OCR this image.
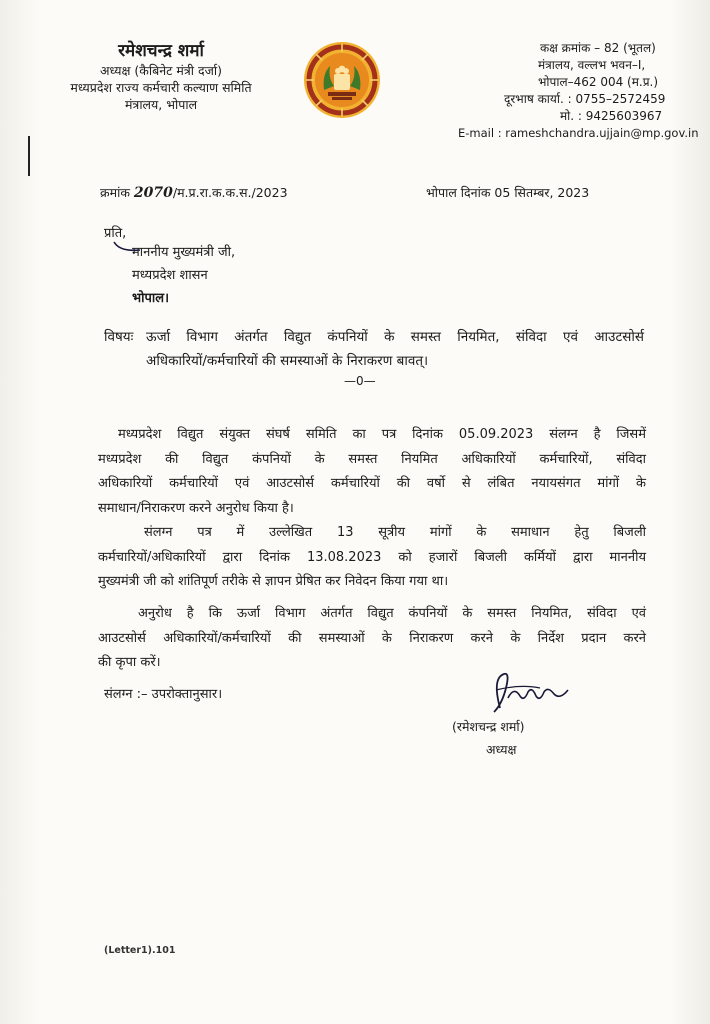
रमेशचन्द्र शर्मा
अध्यक्ष (कैबिनेट मंत्री दर्जा)
मध्यप्रदेश राज्य कर्मचारी कल्याण समिति
मंत्रालय, भोपाल
कक्ष क्रमांक – 82 (भूतल)
मंत्रालय, वल्लभ भवन–I,
भोपाल–462 004 (म.प्र.)
दूरभाष कार्या. : 0755–2572459
मो. : 9425603967
E-mail : rameshchandra.ujjain@mp.gov.in
क्रमांक 2070/म.प्र.रा.क.क.स./2023	भोपाल दिनांक 05 सितम्बर, 2023
प्रति,
माननीय मुख्यमंत्री जी,
मध्यप्रदेश शासन
भोपाल।
विषयः ऊर्जा विभाग अंतर्गत विद्युत कंपनियों के समस्त नियमित, संविदा एवं आउटसोर्स
अधिकारियों/कर्मचारियों की समस्याओं के निराकरण बावत्।
—0—
मध्यप्रदेश विद्युत संयुक्त संघर्ष समिति का पत्र दिनांक 05.09.2023 संलग्न है जिसमें
मध्यप्रदेश की विद्युत कंपनियों के समस्त नियमित अधिकारियों कर्मचारियों, संविदा
अधिकारियों कर्मचारियों एवं आउटसोर्स कर्मचारियों की वर्षो से लंबित नयायसंगत मांगों के
समाधान/निराकरण करने अनुरोध किया है।
संलग्न पत्र में उल्लेखित 13 सूत्रीय मांगों के समाधान हेतु बिजली
कर्मचारियों/अधिकारियों द्वारा दिनांक 13.08.2023 को हजारों बिजली कर्मियों द्वारा माननीय
मुख्यमंत्री जी को शांतिपूर्ण तरीके से ज्ञापन प्रेषित कर निवेदन किया गया था।
अनुरोध है कि ऊर्जा विभाग अंतर्गत विद्युत कंपनियों के समस्त नियमित, संविदा एवं
आउटसोर्स अधिकारियों/कर्मचारियों की समस्याओं के निराकरण करने के निर्देश प्रदान करने
की कृपा करें।
संलग्न :– उपरोक्तानुसार।
(रमेशचन्द्र शर्मा)
अध्यक्ष
(Letter1).101
